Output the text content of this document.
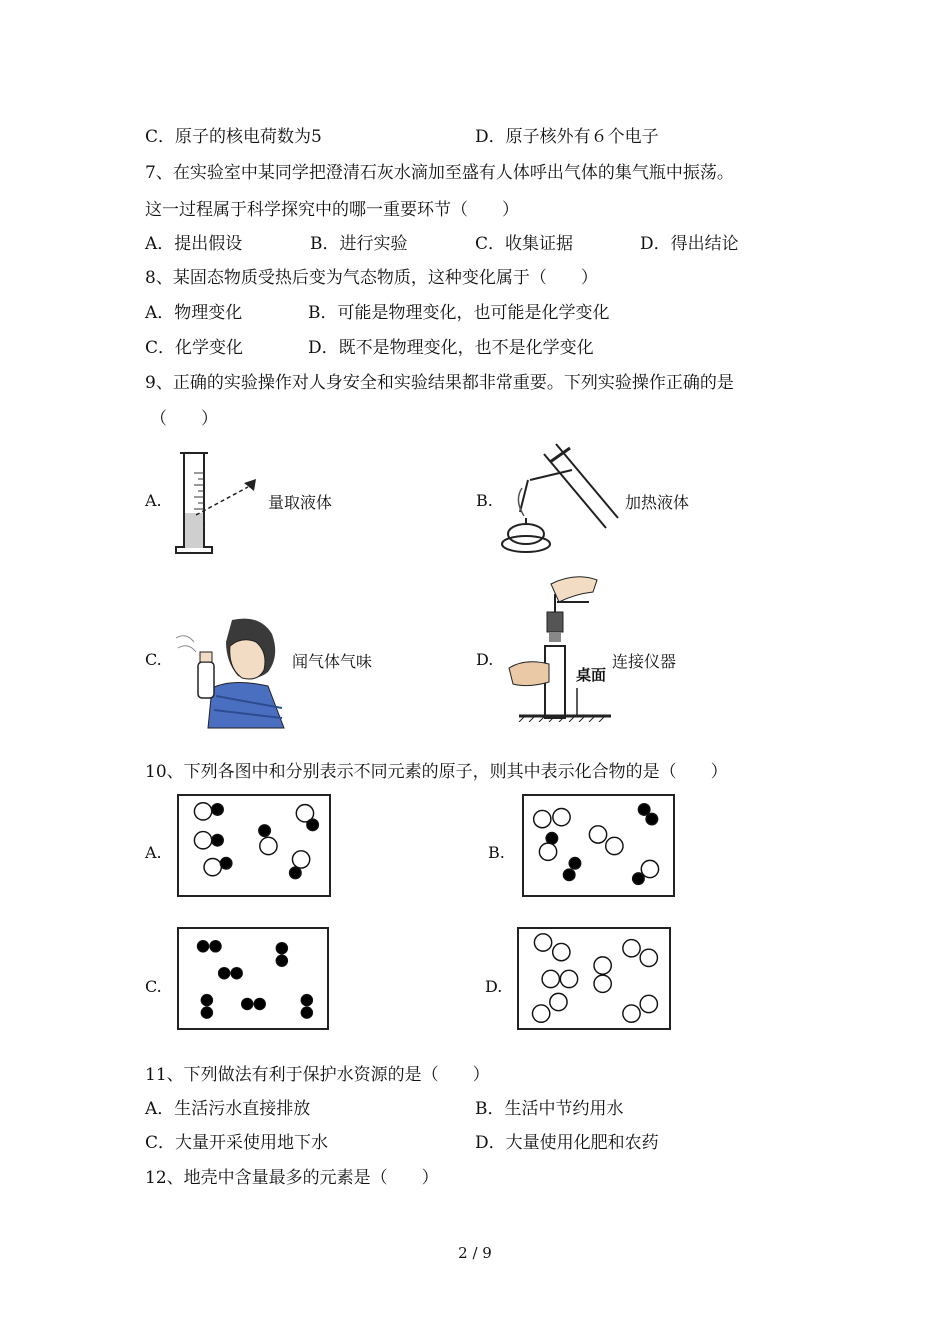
C．原子的核电荷数为5	D．原子核外有６个电子
7、在实验室中某同学把澄清石灰水滴加至盛有人体呼出气体的集气瓶中振荡。
这一过程属于科学探究中的哪一重要环节（　　）
A．提出假设	B．进行实验	C．收集证据	D．得出结论
8、某固态物质受热后变为气态物质，这种变化属于（　　）
A．物理变化	B．可能是物理变化，也可能是化学变化
C．化学变化	D．既不是物理变化，也不是化学变化
9、正确的实验操作对人身安全和实验结果都非常重要。下列实验操作正确的是
（　　）
A.	量取液体	B.	加热液体
C.	闻气体气味	D.
桌面
连接仪器
10、下列各图中和分别表示不同元素的原子，则其中表示化合物的是（　　）
A.	B.
C.	D.
11、下列做法有利于保护水资源的是（　　）
A．生活污水直接排放	B．生活中节约用水
C．大量开采使用地下水	D．大量使用化肥和农药
12、地壳中含量最多的元素是（　　）
2 / 9
